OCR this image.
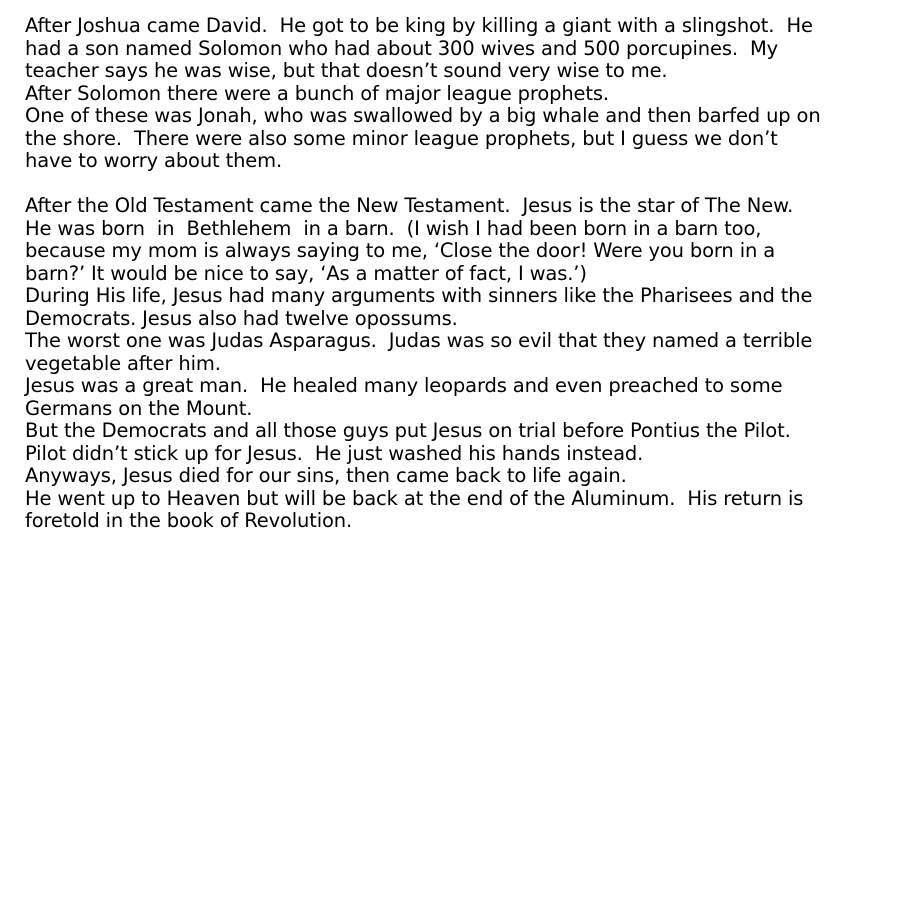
After Joshua came David.  He got to be king by killing a giant with a slingshot.  He
had a son named Solomon who had about 300 wives and 500 porcupines.  My
teacher says he was wise, but that doesn’t sound very wise to me.
After Solomon there were a bunch of major league prophets.
One of these was Jonah, who was swallowed by a big whale and then barfed up on
the shore.  There were also some minor league prophets, but I guess we don’t
have to worry about them.
After the Old Testament came the New Testament.  Jesus is the star of The New.
He was born  in  Bethlehem  in a barn.  (I wish I had been born in a barn too,
because my mom is always saying to me, ‘Close the door! Were you born in a
barn?’ It would be nice to say, ‘As a matter of fact, I was.’)
During His life, Jesus had many arguments with sinners like the Pharisees and the
Democrats. Jesus also had twelve opossums.
The worst one was Judas Asparagus.  Judas was so evil that they named a terrible
vegetable after him.
Jesus was a great man.  He healed many leopards and even preached to some
Germans on the Mount.
But the Democrats and all those guys put Jesus on trial before Pontius the Pilot.
Pilot didn’t stick up for Jesus.  He just washed his hands instead.
Anyways, Jesus died for our sins, then came back to life again.
He went up to Heaven but will be back at the end of the Aluminum.  His return is
foretold in the book of Revolution.
